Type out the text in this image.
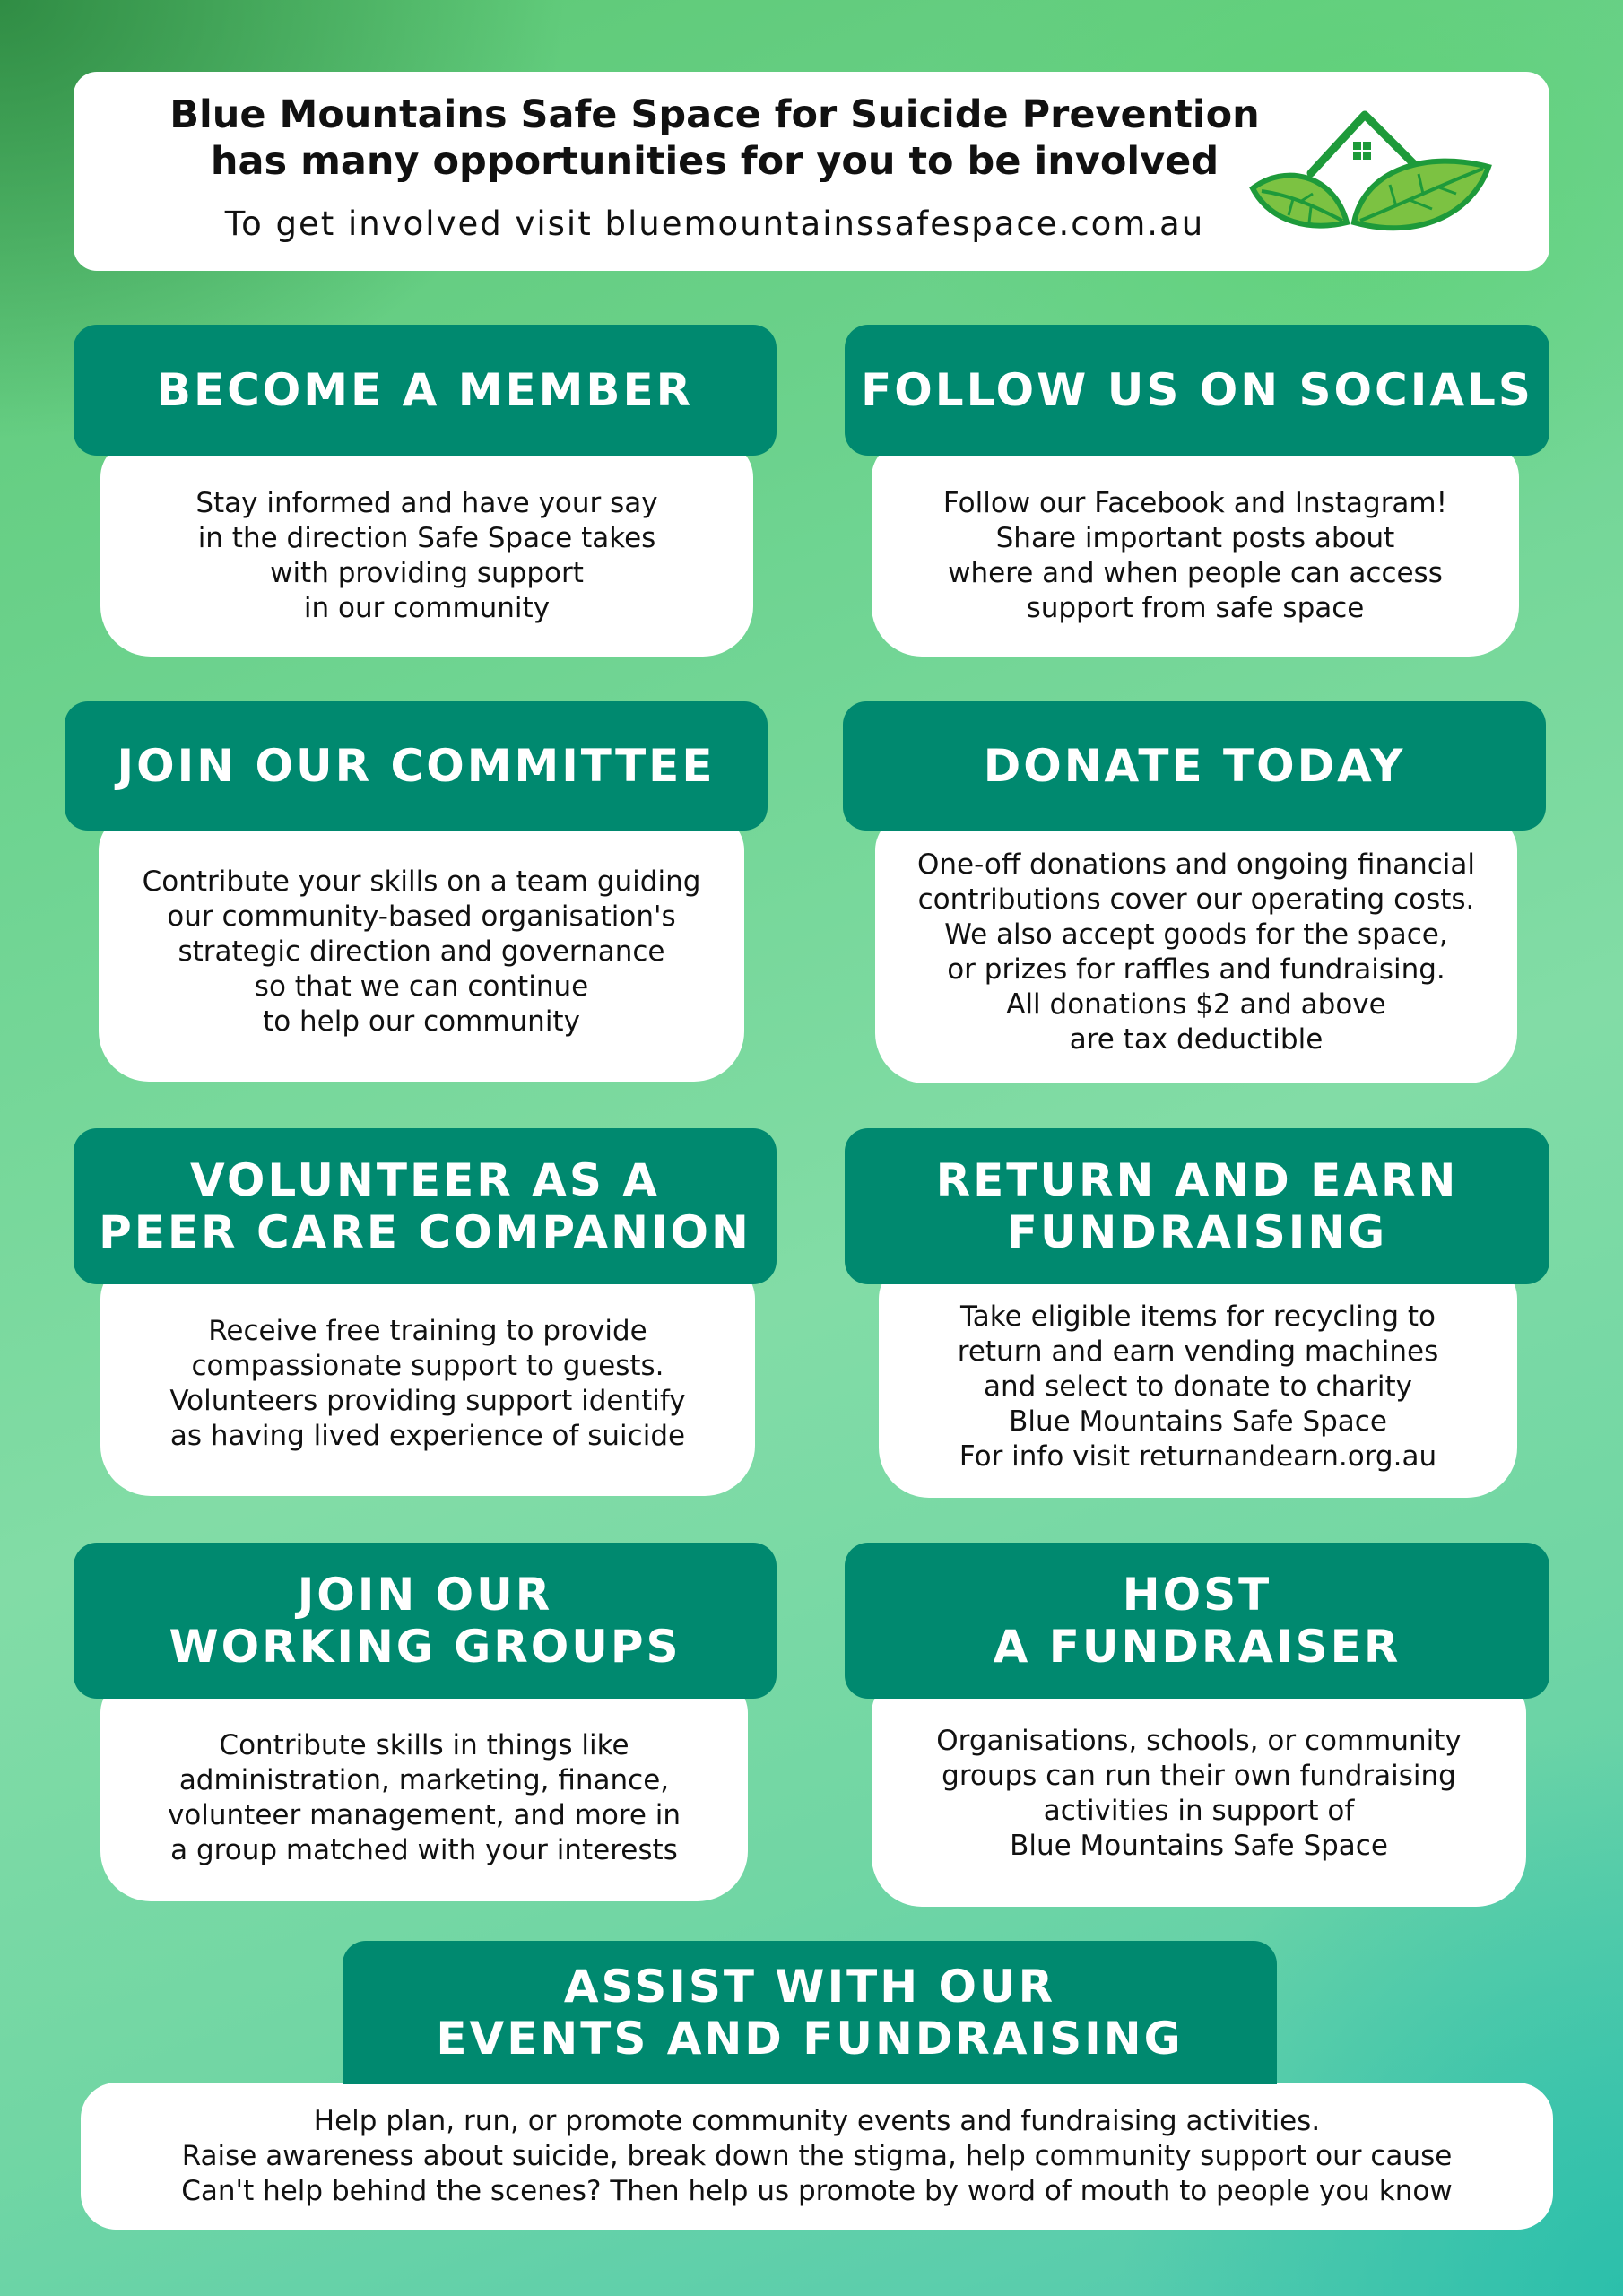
Blue Mountains Safe Space for Suicide Prevention
has many opportunities for you to be involved
To get involved visit bluemountainssafespace.com.au
BECOME A MEMBER
Stay informed and have your say
in the direction Safe Space takes
with providing support
in our community
FOLLOW US ON SOCIALS
Follow our Facebook and Instagram!
Share important posts about
where and when people can access
support from safe space
JOIN OUR COMMITTEE
Contribute your skills on a team guiding
our community-based organisation's
strategic direction and governance
so that we can continue
to help our community
DONATE TODAY
One-off donations and ongoing financial
contributions cover our operating costs.
We also accept goods for the space,
or prizes for raffles and fundraising.
All donations $2 and above
are tax deductible
VOLUNTEER AS A
PEER CARE COMPANION
Receive free training to provide
compassionate support to guests.
Volunteers providing support identify
as having lived experience of suicide
RETURN AND EARN
FUNDRAISING
Take eligible items for recycling to
return and earn vending machines
and select to donate to charity
Blue Mountains Safe Space
For info visit returnandearn.org.au
JOIN OUR
WORKING GROUPS
Contribute skills in things like
administration, marketing, finance,
volunteer management, and more in
a group matched with your interests
HOST
A FUNDRAISER
Organisations, schools, or community
groups can run their own fundraising
activities in support of
Blue Mountains Safe Space
ASSIST WITH OUR
EVENTS AND FUNDRAISING
Help plan, run, or promote community events and fundraising activities.
Raise awareness about suicide, break down the stigma, help community support our cause
Can't help behind the scenes? Then help us promote by word of mouth to people you know
